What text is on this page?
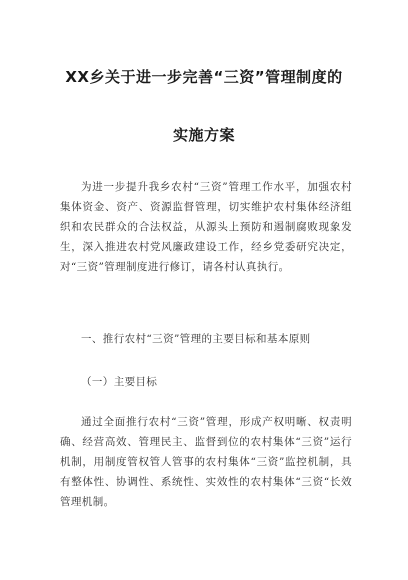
XX乡关于进一步完善“三资”管理制度的
实施方案
为进一步提升我乡农村“三资”管理工作水平，加强农村集体资金、资产、资源监督管理，切实维护农村集体经济组织和农民群众的合法权益，从源头上预防和遏制腐败现象发生，深入推进农村党风廉政建设工作，经乡党委研究决定，对“三资”管理制度进行修订，请各村认真执行。
一、推行农村“三资”管理的主要目标和基本原则
（一）主要目标
通过全面推行农村“三资”管理，形成产权明晰、权责明确、经营高效、管理民主、监督到位的农村集体“三资”运行机制，用制度管权管人管事的农村集体“三资”监控机制，具有整体性、协调性、系统性、实效性的农村集体“三资“长效管理机制。
